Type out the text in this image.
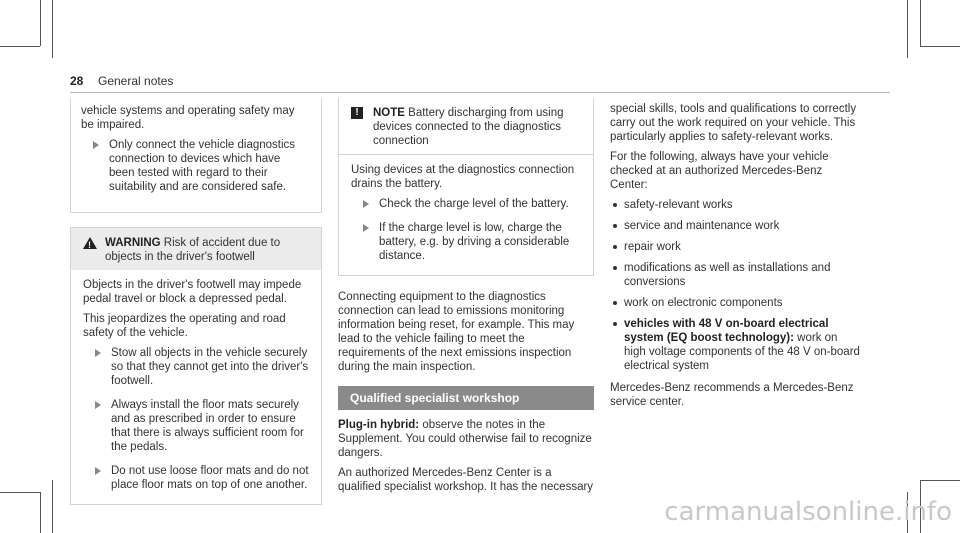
28 General notes

vehicle systems and operating safety may be impaired.

Only connect the vehicle diagnostics connection to devices which have been tested with regard to their suitability and are considered safe.
!
WARNING Risk of accident due to objects in the driver's footwell

Objects in the driver's footwell may impede pedal travel or block a depressed pedal.

This jeopardizes the operating and road safety of the vehicle.

Stow all objects in the vehicle securely so that they cannot get into the driver's footwell.
Always install the floor mats securely and as prescribed in order to ensure that there is always sufficient room for the pedals.
Do not use loose floor mats and do not place floor mats on top of one another.
!	NOTE Battery discharging from using devices connected to the diagnostics connection

Using devices at the diagnostics connection drains the battery.

Check the charge level of the battery.
If the charge level is low, charge the battery, e.g. by driving a considerable distance.

Connecting equipment to the diagnostics connection can lead to emissions monitoring information being reset, for example. This may lead to the vehicle failing to meet the requirements of the next emissions inspection during the main inspection.

Qualified specialist workshop

Plug-in hybrid: observe the notes in the Supplement. You could otherwise fail to recognize dangers.

An authorized Mercedes-Benz Center is a qualified specialist workshop. It has the necessary

special skills, tools and qualifications to correctly carry out the work required on your vehicle. This particularly applies to safety-relevant works.

For the following, always have your vehicle checked at an authorized Mercedes-Benz Center:

safety-relevant works
service and maintenance work
repair work
modifications as well as installations and conversions
work on electronic components
vehicles with 48 V on-board electrical system (EQ boost technology): work on high voltage components of the 48 V on-board electrical system

Mercedes-Benz recommends a Mercedes-Benz service center.

carmanualsonline.info
